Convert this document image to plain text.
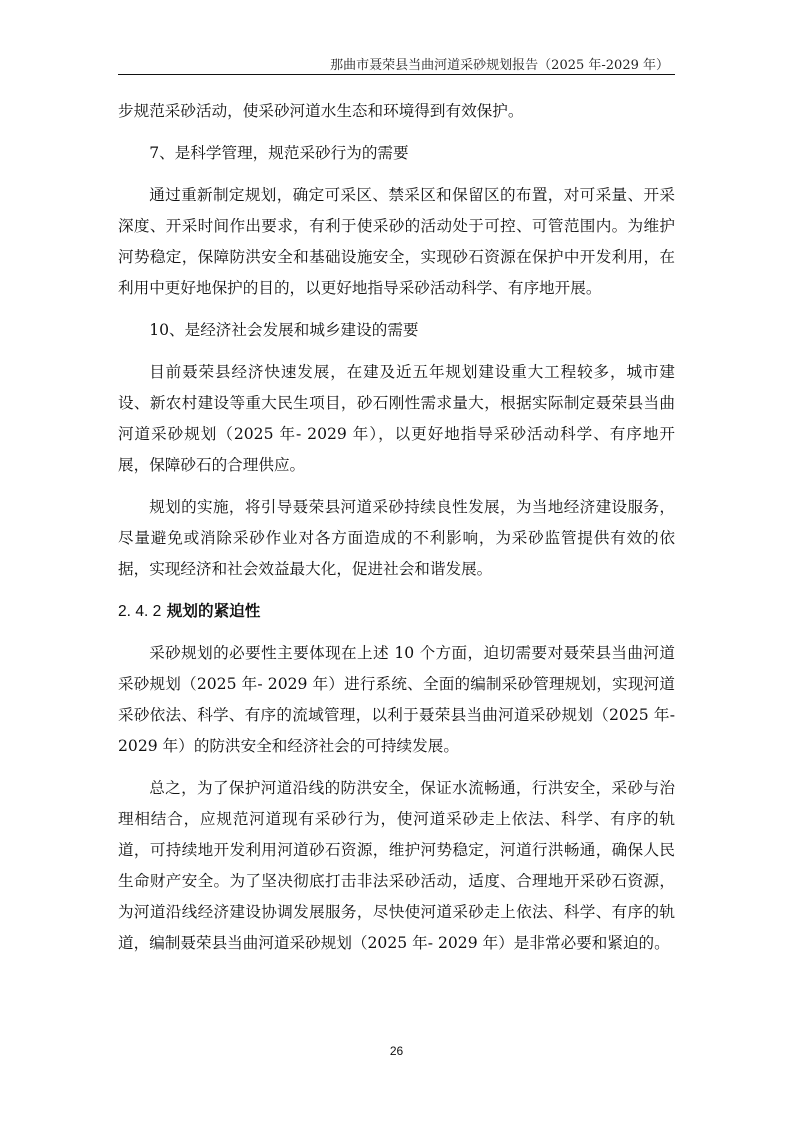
那曲市聂荣县当曲河道采砂规划报告（2025 年-2029 年）

步规范采砂活动，使采砂河道水生态和环境得到有效保护。

7、是科学管理，规范采砂行为的需要

通过重新制定规划，确定可采区、禁采区和保留区的布置，对可采量、开采深度、开采时间作出要求，有利于使采砂的活动处于可控、可管范围内。为维护河势稳定，保障防洪安全和基础设施安全，实现砂石资源在保护中开发利用，在利用中更好地保护的目的，以更好地指导采砂活动科学、有序地开展。

10、是经济社会发展和城乡建设的需要

目前聂荣县经济快速发展，在建及近五年规划建设重大工程较多，城市建设、新农村建设等重大民生项目，砂石刚性需求量大，根据实际制定聂荣县当曲河道采砂规划（2025 年- 2029 年），以更好地指导采砂活动科学、有序地开展，保障砂石的合理供应。

规划的实施，将引导聂荣县河道采砂持续良性发展，为当地经济建设服务，尽量避免或消除采砂作业对各方面造成的不利影响，为采砂监管提供有效的依据，实现经济和社会效益最大化，促进社会和谐发展。

2. 4. 2 规划的紧迫性

采砂规划的必要性主要体现在上述 10 个方面，迫切需要对聂荣县当曲河道采砂规划（2025 年- 2029 年）进行系统、全面的编制采砂管理规划，实现河道采砂依法、科学、有序的流域管理，以利于聂荣县当曲河道采砂规划（2025 年- 2029 年）的防洪安全和经济社会的可持续发展。

总之，为了保护河道沿线的防洪安全，保证水流畅通，行洪安全，采砂与治理相结合，应规范河道现有采砂行为，使河道采砂走上依法、科学、有序的轨道，可持续地开发利用河道砂石资源，维护河势稳定，河道行洪畅通，确保人民生命财产安全。为了坚决彻底打击非法采砂活动，适度、合理地开采砂石资源，为河道沿线经济建设协调发展服务，尽快使河道采砂走上依法、科学、有序的轨道，编制聂荣县当曲河道采砂规划（2025 年- 2029 年）是非常必要和紧迫的。

26
